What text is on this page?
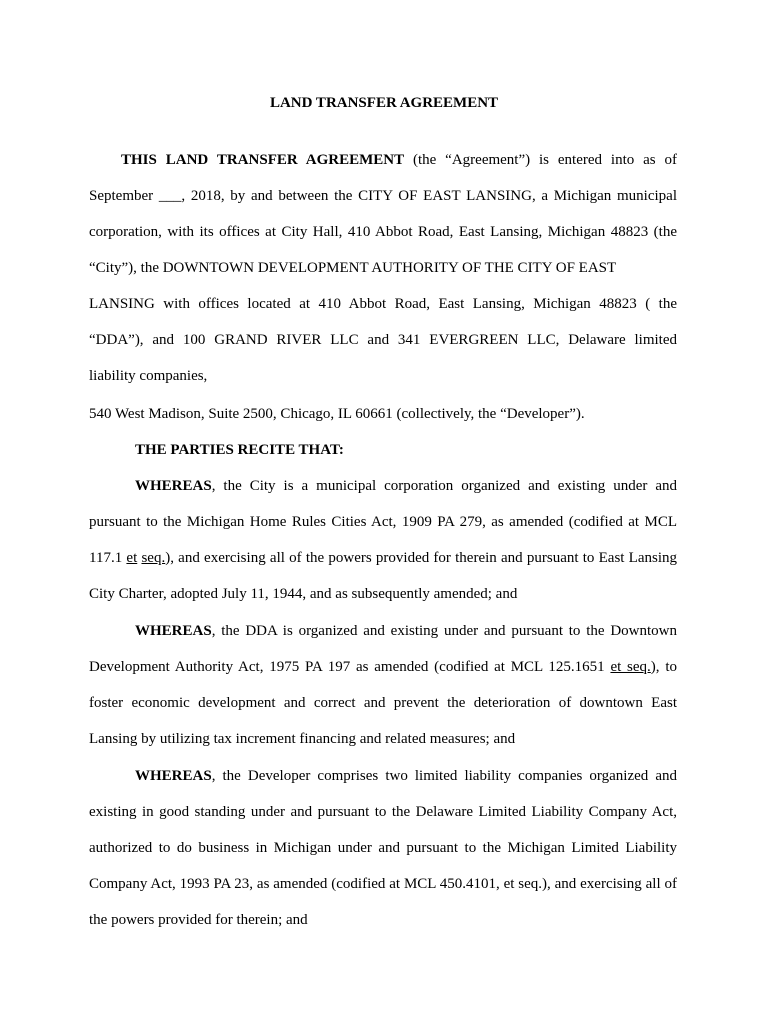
LAND TRANSFER AGREEMENT
THIS LAND TRANSFER AGREEMENT (the “Agreement”) is entered into as of
September ___, 2018, by and between the CITY OF EAST LANSING, a Michigan municipal
corporation, with its offices at City Hall, 410 Abbot Road, East Lansing, Michigan 48823 (the
“City”), the DOWNTOWN DEVELOPMENT AUTHORITY OF THE CITY OF EAST
LANSING with offices located at 410 Abbot Road, East Lansing, Michigan 48823 ( the
“DDA”), and 100 GRAND RIVER LLC and 341 EVERGREEN LLC, Delaware limited
liability companies,
540 West Madison, Suite 2500, Chicago, IL 60661 (collectively, the “Developer”).
THE PARTIES RECITE THAT:
WHEREAS, the City is a municipal corporation organized and existing under and
pursuant to the Michigan Home Rules Cities Act, 1909 PA 279, as amended (codified at MCL
117.1 et seq.), and exercising all of the powers provided for therein and pursuant to East Lansing
City Charter, adopted July 11, 1944, and as subsequently amended; and
WHEREAS, the DDA is organized and existing under and pursuant to the Downtown
Development Authority Act, 1975 PA 197 as amended (codified at MCL 125.1651 et seq.), to
foster economic development and correct and prevent the deterioration of downtown East
Lansing by utilizing tax increment financing and related measures; and
WHEREAS, the Developer comprises two limited liability companies organized and
existing in good standing under and pursuant to the Delaware Limited Liability Company Act,
authorized to do business in Michigan under and pursuant to the Michigan Limited Liability
Company Act, 1993 PA 23, as amended (codified at MCL 450.4101, et seq.), and exercising all of
the powers provided for therein; and
